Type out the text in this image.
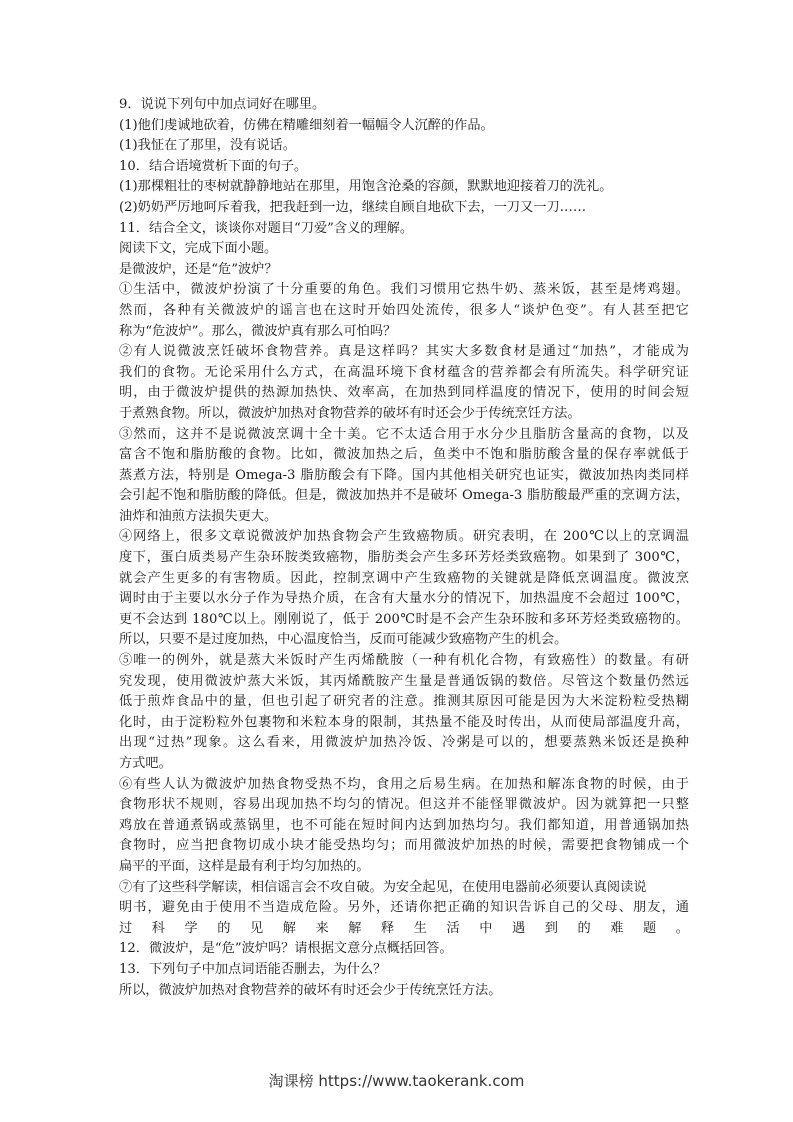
9．说说下列句中加点词好在哪里。
(1)他们虔诚地砍着，仿佛在精雕细刻着一幅幅令人沉醉的作品。
(1)我怔在了那里，没有说话。
10．结合语境赏析下面的句子。
(1)那棵粗壮的枣树就静静地站在那里，用饱含沧桑的容颜，默默地迎接着刀的洗礼。
(2)奶奶严厉地呵斥着我，把我赶到一边，继续自顾自地砍下去，一刀又一刀……
11．结合全文，谈谈你对题目“刀爱”含义的理解。
阅读下文，完成下面小题。
是微波炉，还是“危”波炉？
①生活中，微波炉扮演了十分重要的角色。我们习惯用它热牛奶、蒸米饭，甚至是烤鸡翅。
然而，各种有关微波炉的谣言也在这时开始四处流传，很多人“谈炉色变”。有人甚至把它
称为“危波炉”。那么，微波炉真有那么可怕吗？
②有人说微波烹饪破坏食物营养。真是这样吗？其实大多数食材是通过“加热”，才能成为
我们的食物。无论采用什么方式，在高温环境下食材蕴含的营养都会有所流失。科学研究证
明，由于微波炉提供的热源加热快、效率高，在加热到同样温度的情况下，使用的时间会短
于煮熟食物。所以，微波炉加热对食物营养的破坏有时还会少于传统烹饪方法。
③然而，这并不是说微波烹调十全十美。它不太适合用于水分少且脂肪含量高的食物，以及
富含不饱和脂肪酸的食物。比如，微波加热之后，鱼类中不饱和脂肪酸含量的保存率就低于
蒸煮方法，特别是 Omega-3 脂肪酸会有下降。国内其他相关研究也证实，微波加热肉类同样
会引起不饱和脂肪酸的降低。但是，微波加热并不是破坏 Omega-3 脂肪酸最严重的烹调方法，
油炸和油煎方法损失更大。
④网络上，很多文章说微波炉加热食物会产生致癌物质。研究表明，在 200℃以上的烹调温
度下，蛋白质类易产生杂环胺类致癌物，脂肪类会产生多环芳烃类致癌物。如果到了 300℃，
就会产生更多的有害物质。因此，控制烹调中产生致癌物的关键就是降低烹调温度。微波烹
调时由于主要以水分子作为导热介质，在含有大量水分的情况下，加热温度不会超过 100℃，
更不会达到 180℃以上。刚刚说了，低于 200℃时是不会产生杂环胺和多环芳烃类致癌物的。
所以，只要不是过度加热，中心温度恰当，反而可能减少致癌物产生的机会。
⑤唯一的例外，就是蒸大米饭时产生丙烯酰胺（一种有机化合物，有致癌性）的数量。有研
究发现，使用微波炉蒸大米饭，其丙烯酰胺产生量是普通饭锅的数倍。尽管这个数量仍然远
低于煎炸食品中的量，但也引起了研究者的注意。推测其原因可能是因为大米淀粉粒受热糊
化时，由于淀粉粒外包裹物和米粒本身的限制，其热量不能及时传出，从而使局部温度升高，
出现“过热”现象。这么看来，用微波炉加热冷饭、冷粥是可以的，想要蒸熟米饭还是换种
方式吧。
⑥有些人认为微波炉加热食物受热不均，食用之后易生病。在加热和解冻食物的时候，由于
食物形状不规则，容易出现加热不均匀的情况。但这并不能怪罪微波炉。因为就算把一只整
鸡放在普通煮锅或蒸锅里，也不可能在短时间内达到加热均匀。我们都知道，用普通锅加热
食物时，应当把食物切成小块才能受热均匀；而用微波炉加热的时候，需要把食物铺成一个
扁平的平面，这样是最有利于均匀加热的。
⑦有了这些科学解读，相信谣言会不攻自破。为安全起见，在使用电器前必须要认真阅读说
明书，避免由于使用不当造成危险。另外，还请你把正确的知识告诉自己的父母、朋友，通
过科学的见解来解释生活中遇到的难题。
12．微波炉，是“危”波炉吗？请根据文意分点概括回答。
13．下列句子中加点词语能否删去，为什么？
所以，微波炉加热对食物营养的破坏有时还会少于传统烹饪方法。
淘课榜 https://www.taokerank.com
